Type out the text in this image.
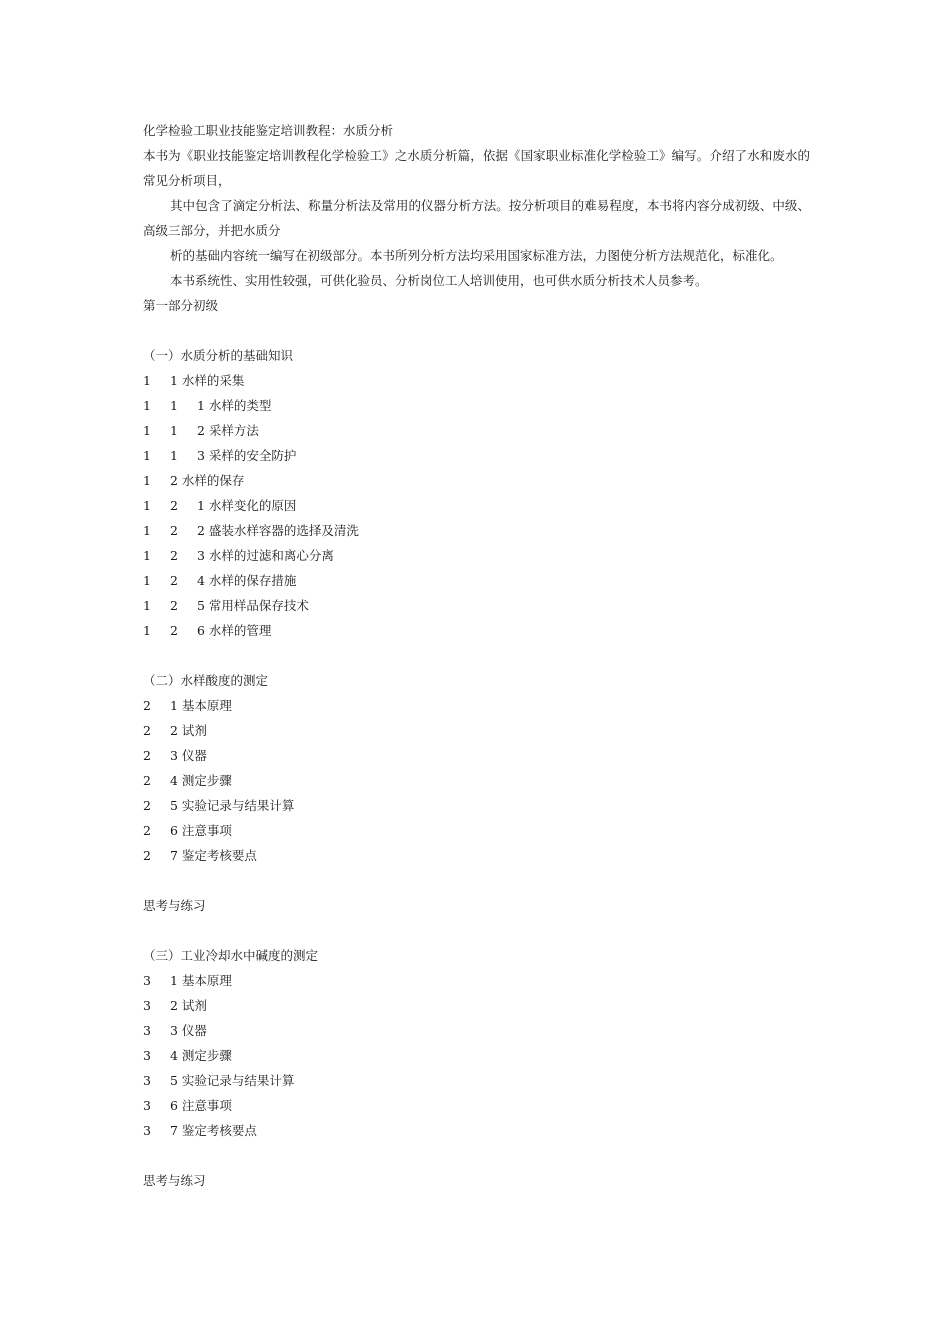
化学检验工职业技能鉴定培训教程：水质分析

本书为《职业技能鉴定培训教程化学检验工》之水质分析篇，依据《国家职业标准化学检验工》编写。介绍了水和废水的常见分析项目，

其中包含了滴定分析法、称量分析法及常用的仪器分析方法。按分析项目的难易程度，本书将内容分成初级、中级、高级三部分，并把水质分

析的基础内容统一编写在初级部分。本书所列分析方法均采用国家标准方法，力图使分析方法规范化，标准化。

本书系统性、实用性较强，可供化验员、分析岗位工人培训使用，也可供水质分析技术人员参考。

第一部分初级
（一）水质分析的基础知识
1 1 水样的采集
1 1 1 水样的类型
1 1 2 采样方法
1 1 3 采样的安全防护
1 2 水样的保存
1 2 1 水样变化的原因
1 2 2 盛装水样容器的选择及清洗
1 2 3 水样的过滤和离心分离
1 2 4 水样的保存措施
1 2 5 常用样品保存技术
1 2 6 水样的管理
（二）水样酸度的测定
2 1 基本原理
2 2 试剂
2 3 仪器
2 4 测定步骤
2 5 实验记录与结果计算
2 6 注意事项
2 7 鉴定考核要点
思考与练习
（三）工业冷却水中碱度的测定
3 1 基本原理
3 2 试剂
3 3 仪器
3 4 测定步骤
3 5 实验记录与结果计算
3 6 注意事项
3 7 鉴定考核要点
思考与练习
